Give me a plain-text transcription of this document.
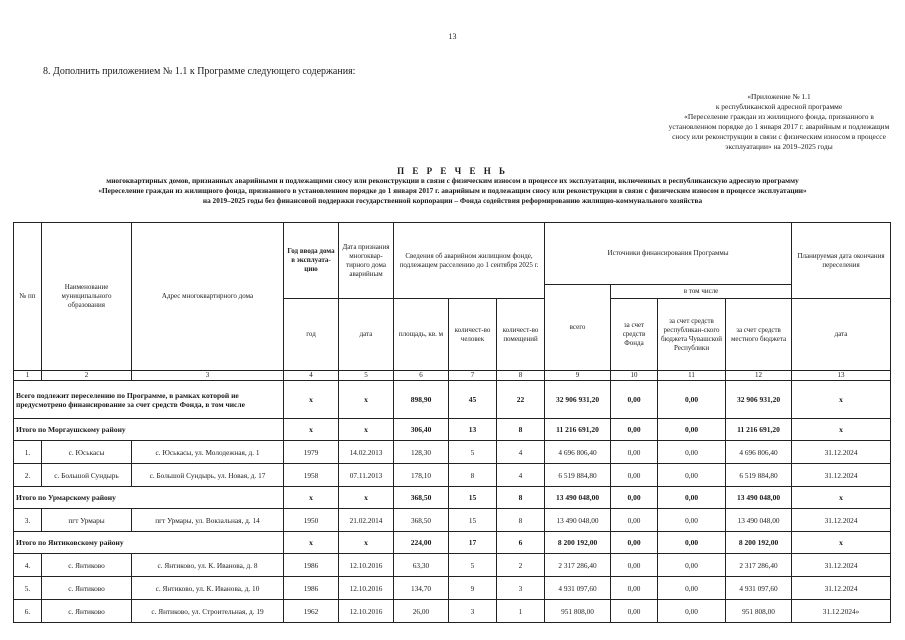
13
8. Дополнить приложением № 1.1 к Программе следующего содержания:
«Приложение № 1.1
к республиканской адресной программе
«Переселение граждан из жилищного фонда, признанного в
установленном порядке до 1 января 2017 г. аварийным и подлежащим
сносу или реконструкции в связи с физическим износом в процессе
эксплуатации» на 2019–2025 годы
П Е Р Е Ч Е Н Ь
многоквартирных домов, признанных аварийными и подлежащими сносу или реконструкции в связи с физическим износом в процессе их эксплуатации, включенных в республиканскую адресную программу
«Переселение граждан из жилищного фонда, признанного в установленном порядке до 1 января 2017 г. аварийным и подлежащим сносу или реконструкции в связи с физическим износом в процессе эксплуатации»
на 2019–2025 годы без финансовой поддержки государственной корпорации – Фонда содействия реформированию жилищно-коммунального хозяйства
№ пп	Наименование муниципального образования	Адрес многоквартирного дома	Год ввода дома в эксплуата-цию	Дата признания многоквар-тирного дома аварийным	Сведения об аварийном жилищном фонде, подлежащем расселению до 1 сентября 2025 г.			Источники финансирования Программы				Планируемая дата окончания переселения
								всего	в том числе			
			год	дата	площадь, кв. м	количест-во человек	количест-во помещений		за счет средств Фонда	за счет средств республикан-ского бюджета Чувашской Республики	за счет средств местного бюджета	дата
1	2	3	4	5	6	7	8	9	10	11	12	13
Всего подлежит переселению по Программе, в рамках которой не предусмотрено финансирование за счет средств Фонда, в том числе			х	х	898,90	45	22	32 906 931,20	0,00	0,00	32 906 931,20	х
Итого по Моргаушскому району			х	х	306,40	13	8	11 216 691,20	0,00	0,00	11 216 691,20	х
1.	с. Юськасы	с. Юськасы, ул. Молодежная, д. 1	1979	14.02.2013	128,30	5	4	4 696 806,40	0,00	0,00	4 696 806,40	31.12.2024
2.	с. Большой Сундырь	с. Большой Сундырь, ул. Новая, д. 17	1958	07.11.2013	178,10	8	4	6 519 884,80	0,00	0,00	6 519 884,80	31.12.2024
Итого по Урмарскому району			х	х	368,50	15	8	13 490 048,00	0,00	0,00	13 490 048,00	х
3.	пгт Урмары	пгт Урмары, ул. Вокзальная, д. 14	1950	21.02.2014	368,50	15	8	13 490 048,00	0,00	0,00	13 490 048,00	31.12.2024
Итого по Янтиковскому району			х	х	224,00	17	6	8 200 192,00	0,00	0,00	8 200 192,00	х
4.	с. Янтиково	с. Янтиково, ул. К. Иванова, д. 8	1986	12.10.2016	63,30	5	2	2 317 286,40	0,00	0,00	2 317 286,40	31.12.2024
5.	с. Янтиково	с. Янтиково, ул. К. Иванова, д. 10	1986	12.10.2016	134,70	9	3	4 931 097,60	0,00	0,00	4 931 097,60	31.12.2024
6.	с. Янтиково	с. Янтиково, ул. Строительная, д. 19	1962	12.10.2016	26,00	3	1	951 808,00	0,00	0,00	951 808,00	31.12.2024»
